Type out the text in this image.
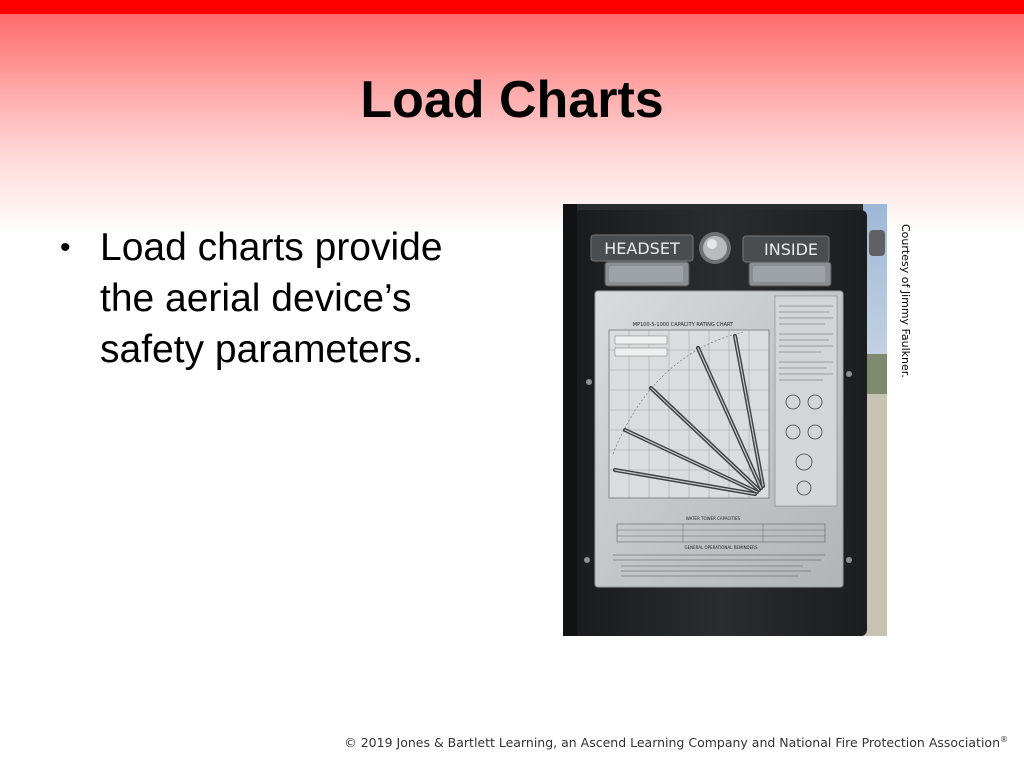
Load Charts
• Load charts provide the aerial device’s safety parameters.
HEADSET	INSIDE
MP100-S-1000 CAPACITY RATING CHART
WATER TOWER CAPACITIES
GENERAL OPERATIONAL REMINDERS
Courtesy of Jimmy Faulkner.
© 2019 Jones & Bartlett Learning, an Ascend Learning Company and National Fire Protection Association®
